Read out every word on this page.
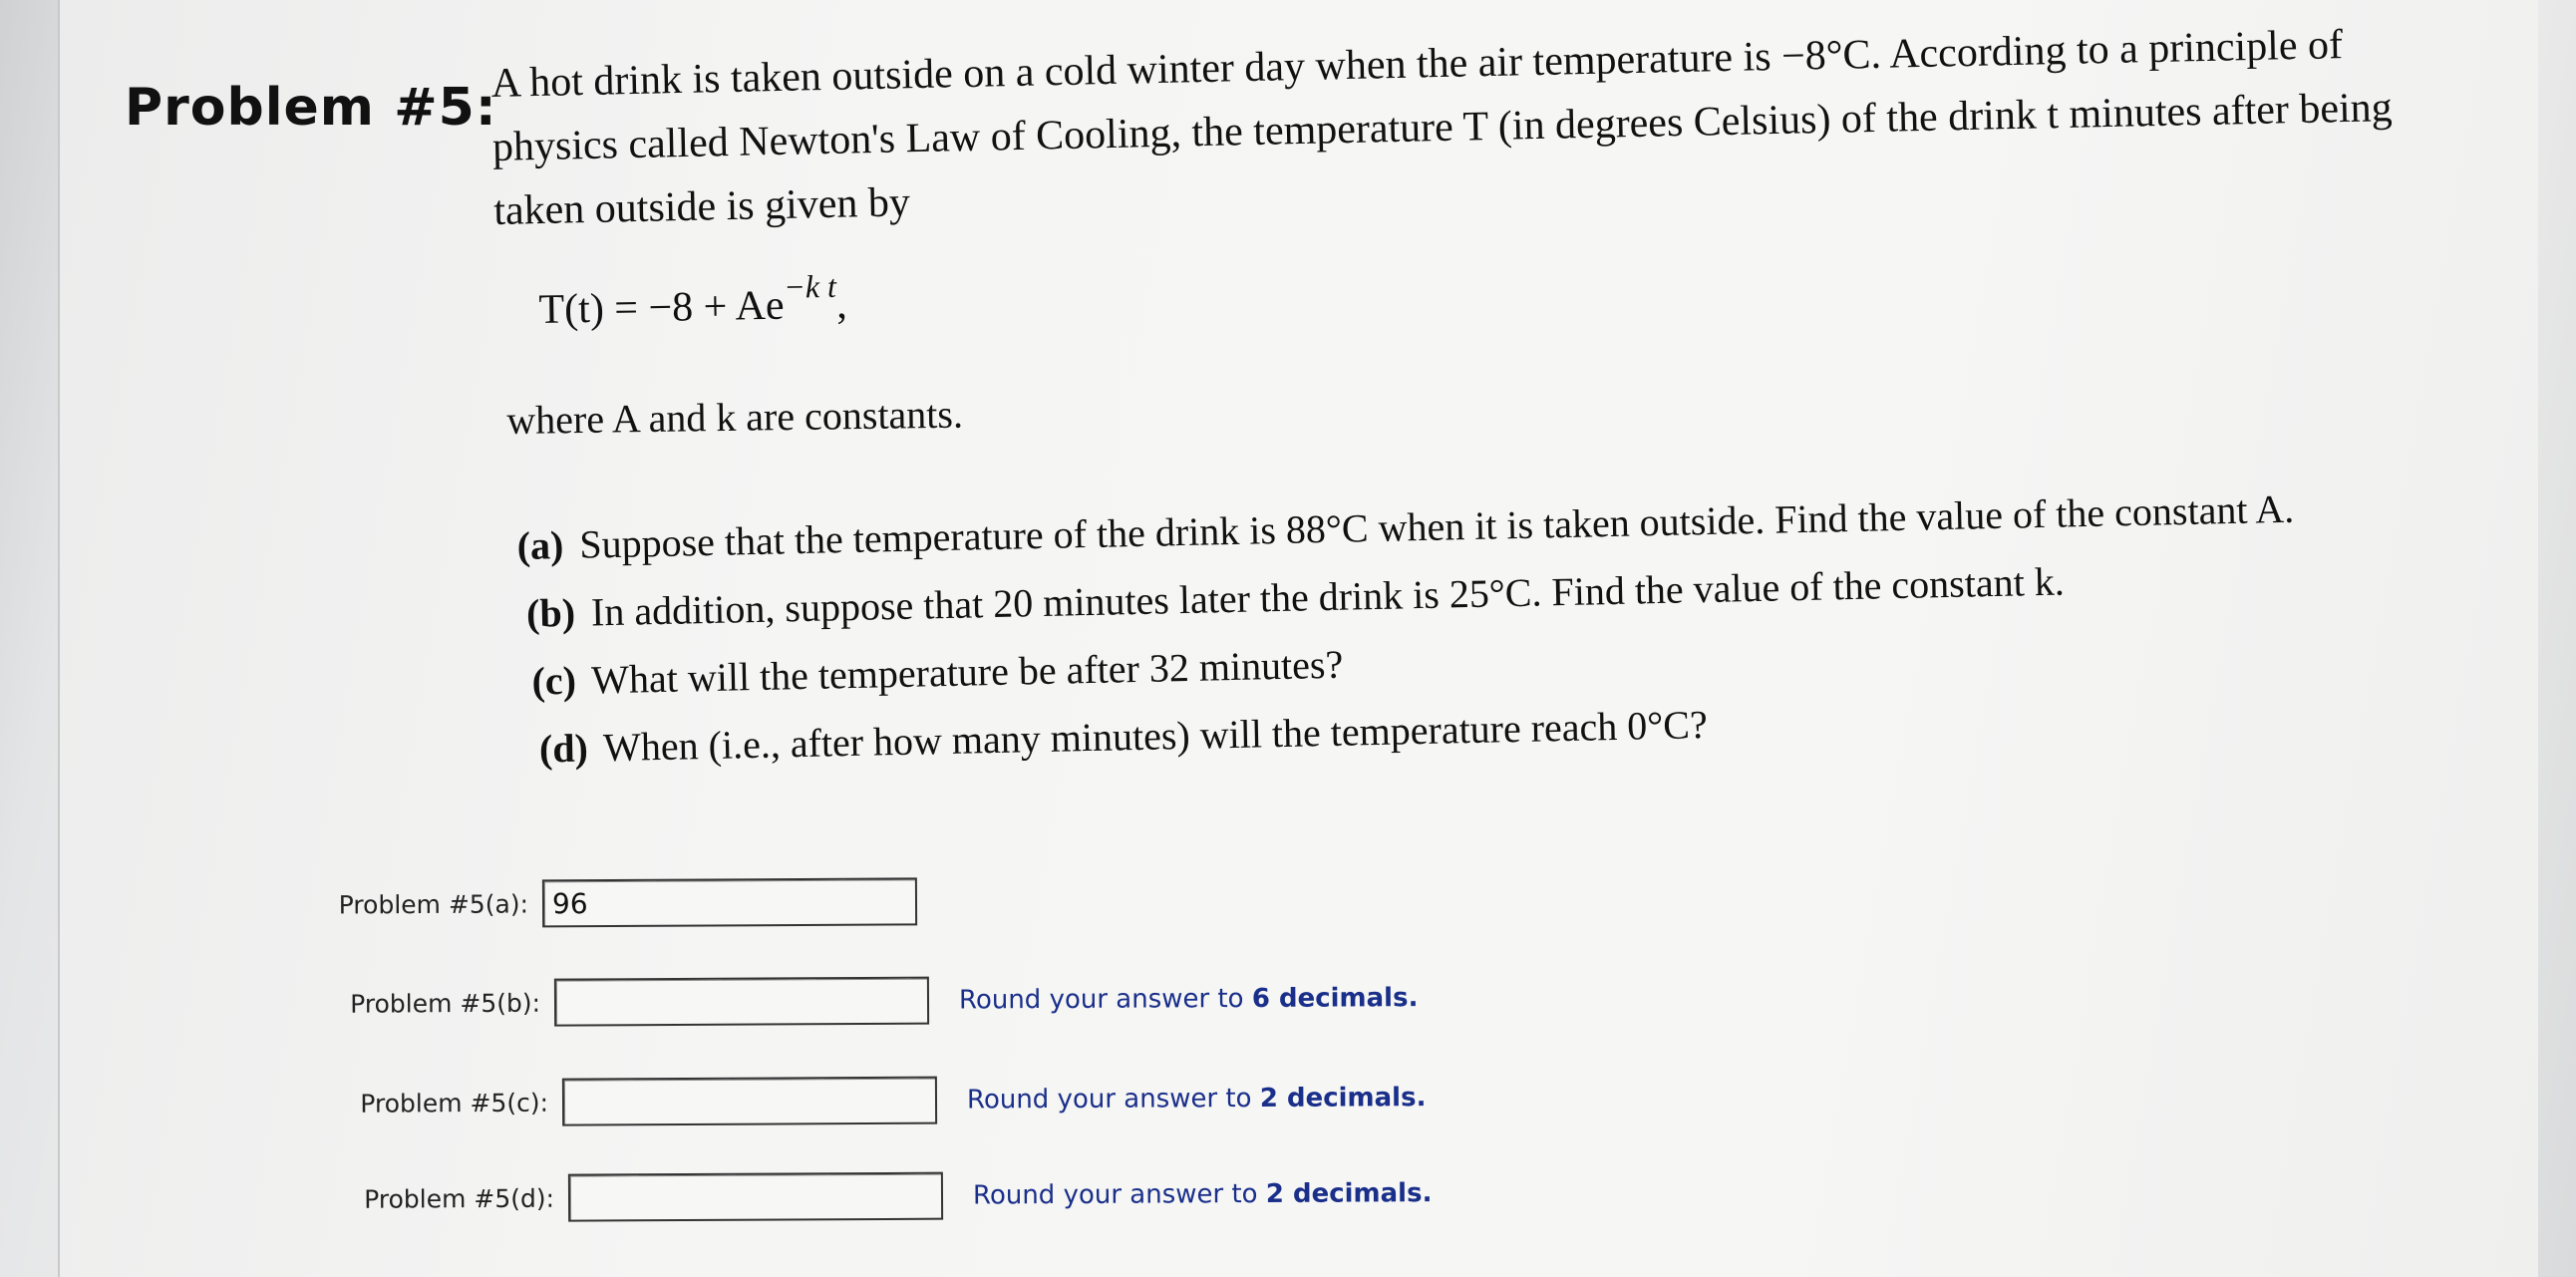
Problem #5:
A hot drink is taken outside on a cold winter day when the air temperature is −8°C. According to a principle of
physics called Newton's Law of Cooling, the temperature T (in degrees Celsius) of the drink t minutes after being
taken outside is given by
$T(t) = -8 + Ae^{-k t}$,
where A and k are constants.
(a) Suppose that the temperature of the drink is 88°C when it is taken outside. Find the value of the constant A.
(b) In addition, suppose that 20 minutes later the drink is 25°C. Find the value of the constant k.
(c) What will the temperature be after 32 minutes?
(d) When (i.e., after how many minutes) will the temperature reach 0°C?
Problem #5(a):
96
Problem #5(b):	Round your answer to 6 decimals.
Problem #5(c):	Round your answer to 2 decimals.
Problem #5(d):	Round your answer to 2 decimals.
